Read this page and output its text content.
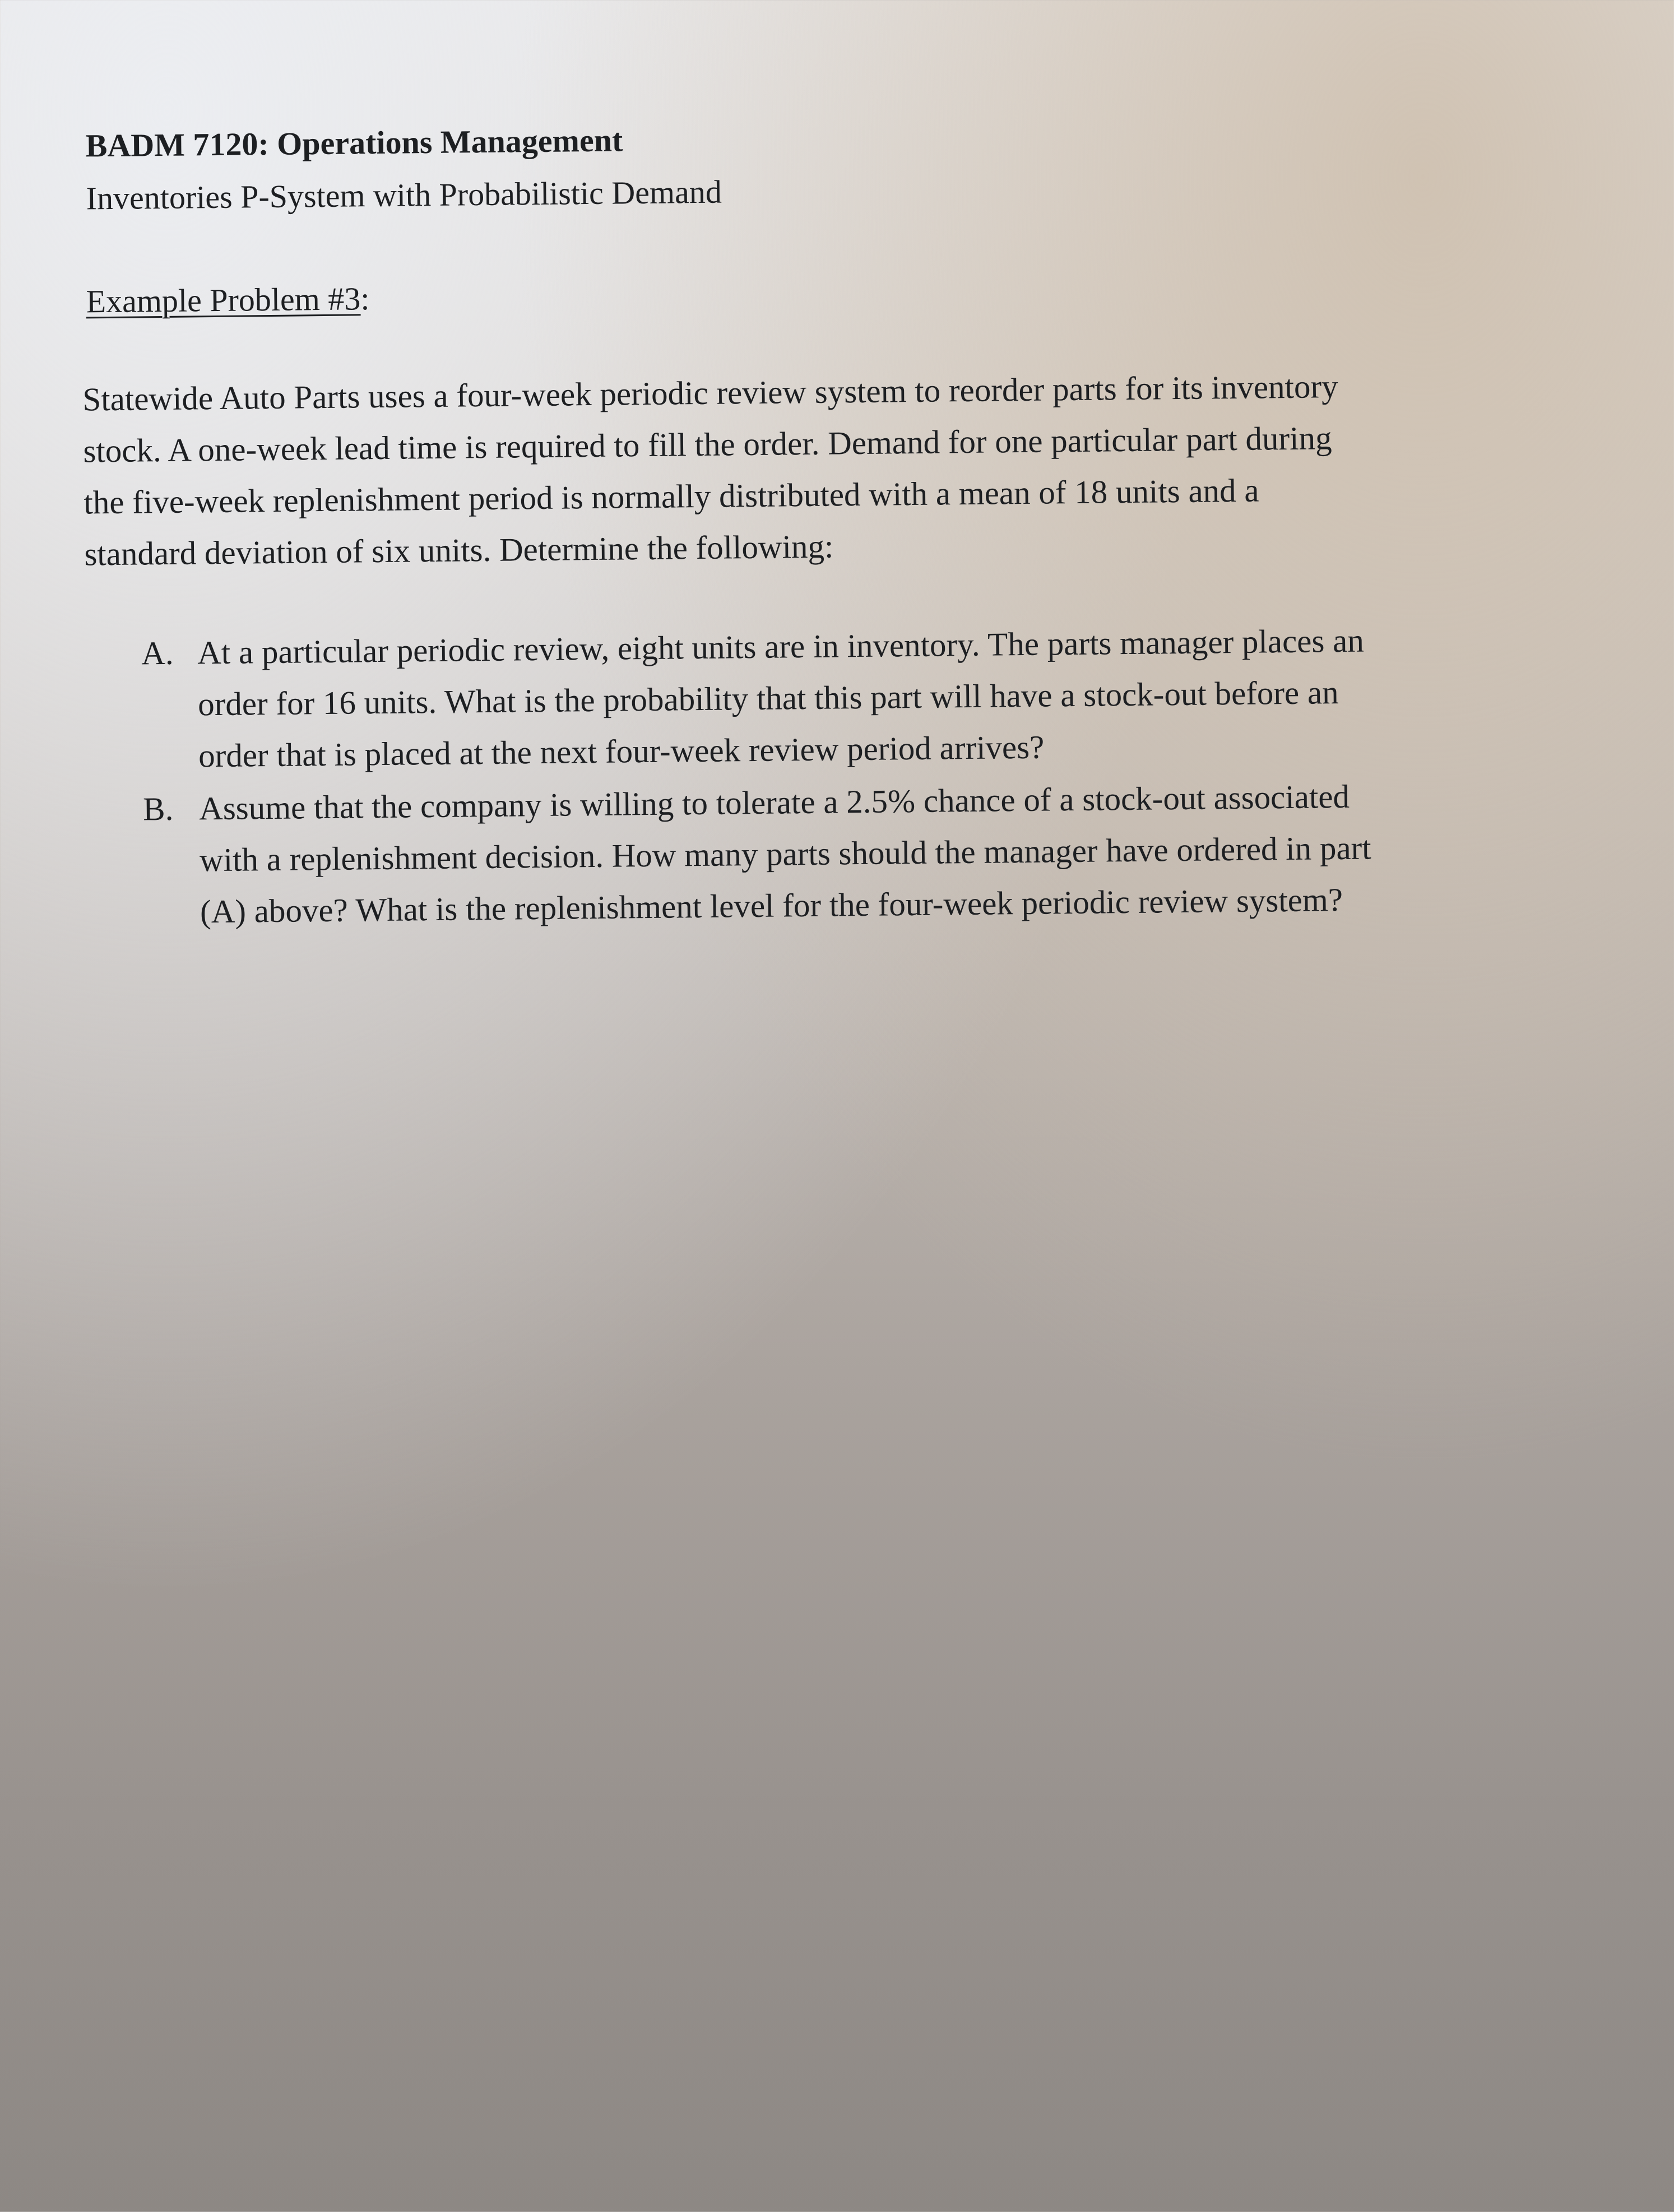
BADM 7120: Operations Management
Inventories P-System with Probabilistic Demand
Example Problem #3:
Statewide Auto Parts uses a four-week periodic review system to reorder parts for its inventory
stock. A one-week lead time is required to fill the order. Demand for one particular part during
the five-week replenishment period is normally distributed with a mean of 18 units and a
standard deviation of six units. Determine the following:
A. At a particular periodic review, eight units are in inventory. The parts manager places an
order for 16 units. What is the probability that this part will have a stock-out before an
order that is placed at the next four-week review period arrives?
B. Assume that the company is willing to tolerate a 2.5% chance of a stock-out associated
with a replenishment decision. How many parts should the manager have ordered in part
(A) above? What is the replenishment level for the four-week periodic review system?
